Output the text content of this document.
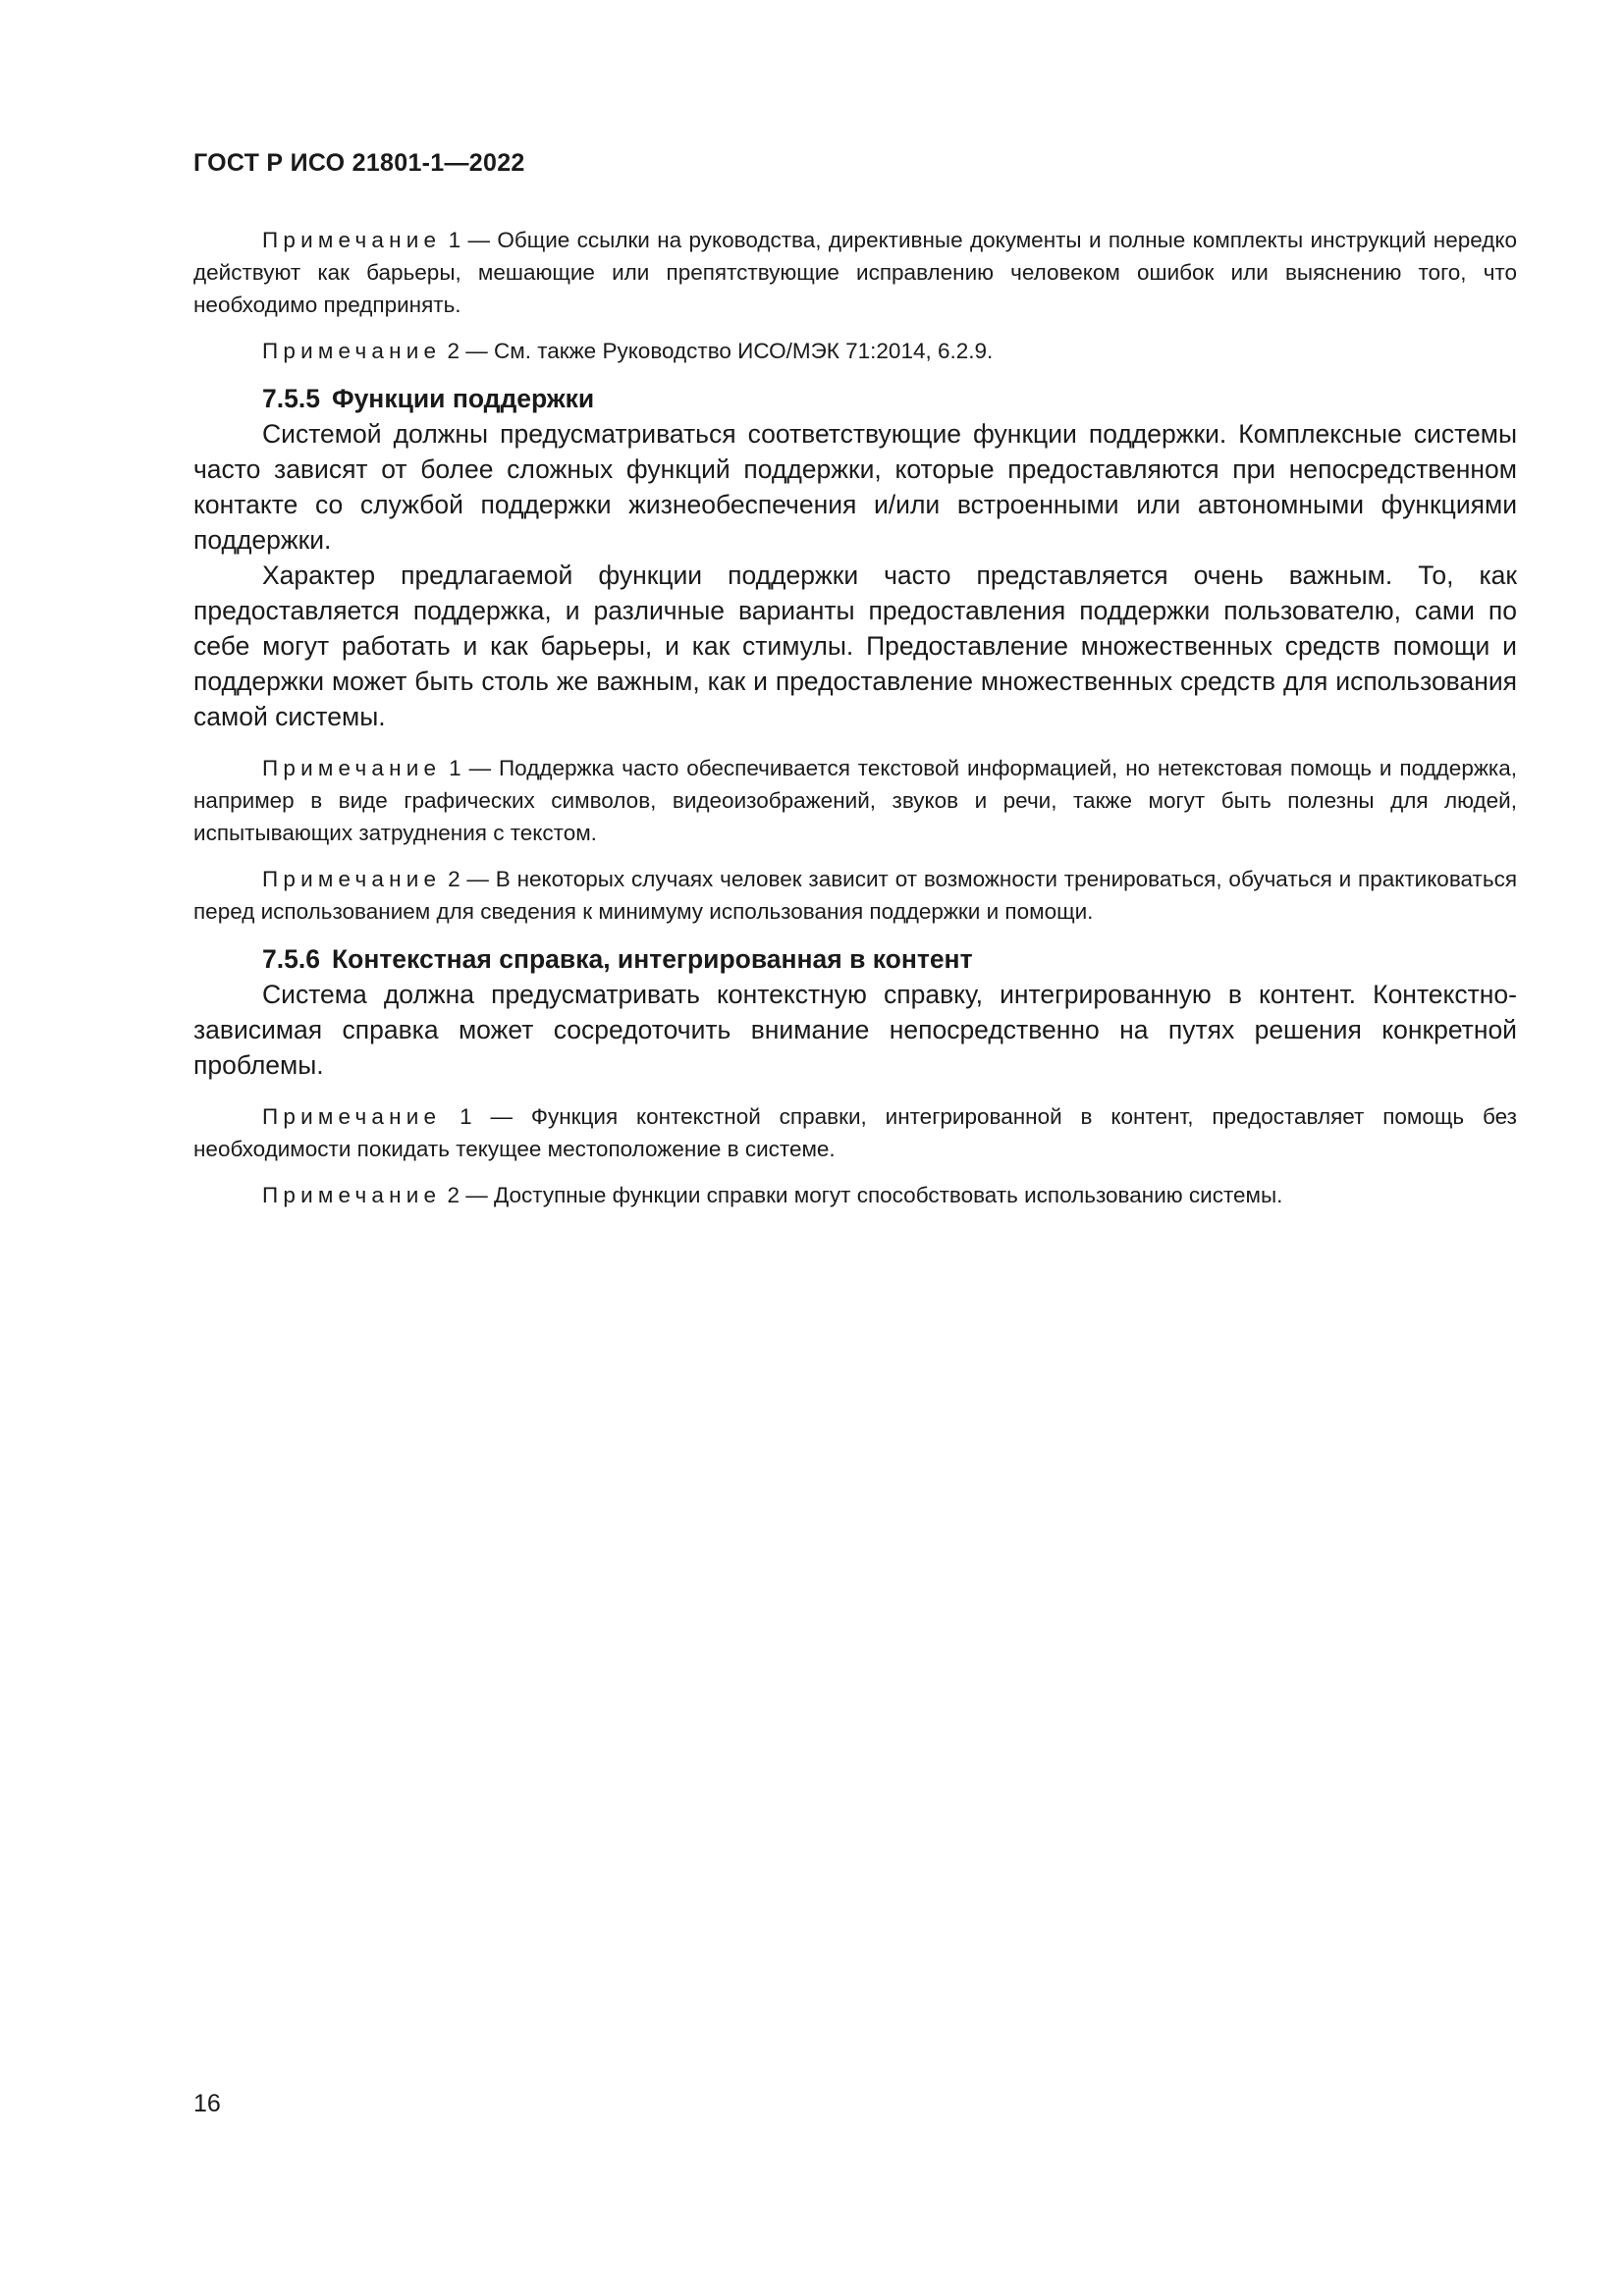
ГОСТ Р ИСО 21801-1—2022

Примечание 1 — Общие ссылки на руководства, директивные документы и полные комплекты инструкций нередко действуют как барьеры, мешающие или препятствующие исправлению человеком ошибок или выяснению того, что необходимо предпринять.

Примечание 2 — См. также Руководство ИСО/МЭК 71:2014, 6.2.9.

7.5.5 Функции поддержки

Системой должны предусматриваться соответствующие функции поддержки. Комплексные системы часто зависят от более сложных функций поддержки, которые предоставляются при непосредственном контакте со службой поддержки жизнеобеспечения и/или встроенными или автономными функциями поддержки.

Характер предлагаемой функции поддержки часто представляется очень важным. То, как предоставляется поддержка, и различные варианты предоставления поддержки пользователю, сами по себе могут работать и как барьеры, и как стимулы. Предоставление множественных средств помощи и поддержки может быть столь же важным, как и предоставление множественных средств для использования самой системы.

Примечание 1 — Поддержка часто обеспечивается текстовой информацией, но нетекстовая помощь и поддержка, например в виде графических символов, видеоизображений, звуков и речи, также могут быть полезны для людей, испытывающих затруднения с текстом.

Примечание 2 — В некоторых случаях человек зависит от возможности тренироваться, обучаться и практиковаться перед использованием для сведения к минимуму использования поддержки и помощи.

7.5.6 Контекстная справка, интегрированная в контент

Система должна предусматривать контекстную справку, интегрированную в контент. Контекстно-зависимая справка может сосредоточить внимание непосредственно на путях решения конкретной проблемы.

Примечание 1 — Функция контекстной справки, интегрированной в контент, предоставляет помощь без необходимости покидать текущее местоположение в системе.

Примечание 2 — Доступные функции справки могут способствовать использованию системы.

16
